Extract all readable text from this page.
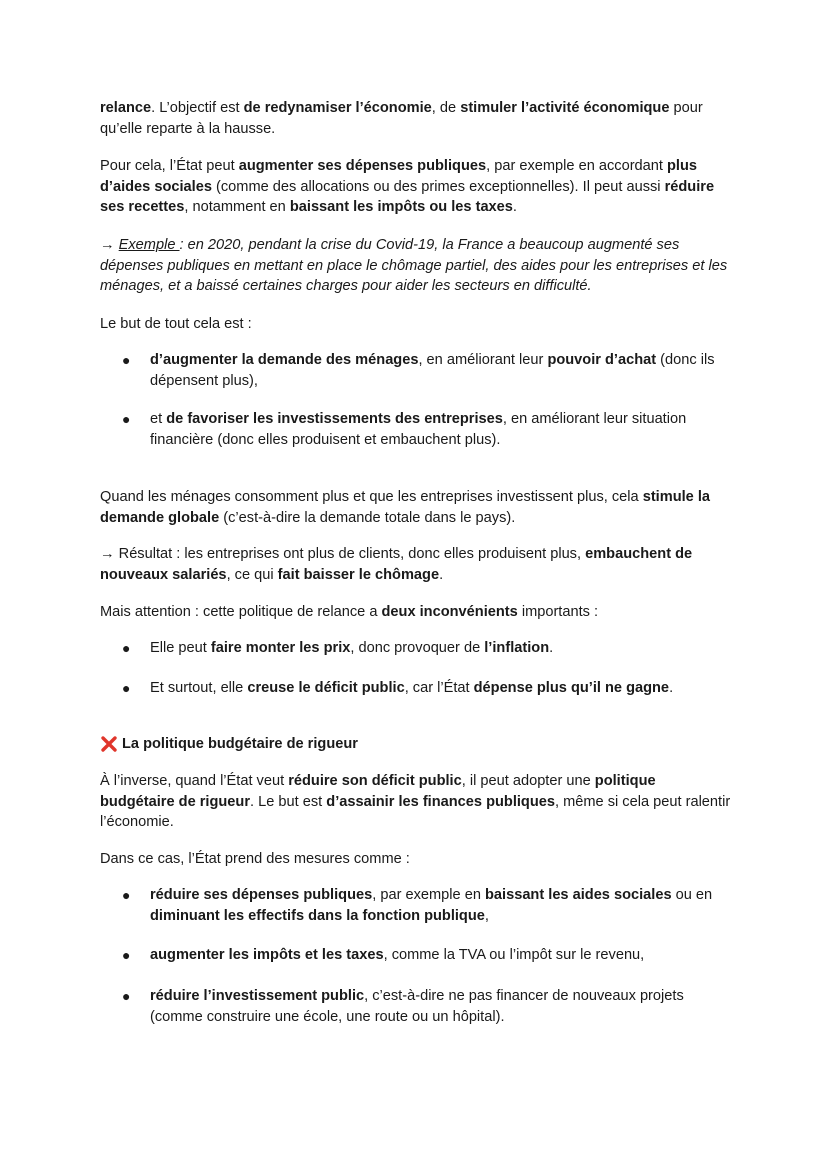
relance. L’objectif est de redynamiser l’économie, de stimuler l’activité économique pour qu’elle reparte à la hausse.

Pour cela, l’État peut augmenter ses dépenses publiques, par exemple en accordant plus d’aides sociales (comme des allocations ou des primes exceptionnelles). Il peut aussi réduire ses recettes, notamment en baissant les impôts ou les taxes.

→ Exemple : en 2020, pendant la crise du Covid-19, la France a beaucoup augmenté ses dépenses publiques en mettant en place le chômage partiel, des aides pour les entreprises et les ménages, et a baissé certaines charges pour aider les secteurs en difficulté.

Le but de tout cela est :

●	d’augmenter la demande des ménages, en améliorant leur pouvoir d’achat (donc ils dépensent plus),
●	et de favoriser les investissements des entreprises, en améliorant leur situation financière (donc elles produisent et embauchent plus).

Quand les ménages consomment plus et que les entreprises investissent plus, cela stimule la demande globale (c’est-à-dire la demande totale dans le pays).

→ Résultat : les entreprises ont plus de clients, donc elles produisent plus, embauchent de nouveaux salariés, ce qui fait baisser le chômage.

Mais attention : cette politique de relance a deux inconvénients importants :

●	Elle peut faire monter les prix, donc provoquer de l’inflation.
●	Et surtout, elle creuse le déficit public, car l’État dépense plus qu’il ne gagne.
La politique budgétaire de rigueur

À l’inverse, quand l’État veut réduire son déficit public, il peut adopter une politique budgétaire de rigueur. Le but est d’assainir les finances publiques, même si cela peut ralentir l’économie.

Dans ce cas, l’État prend des mesures comme :

●	réduire ses dépenses publiques, par exemple en baissant les aides sociales ou en diminuant les effectifs dans la fonction publique,
●	augmenter les impôts et les taxes, comme la TVA ou l’impôt sur le revenu,
●	réduire l’investissement public, c’est-à-dire ne pas financer de nouveaux projets (comme construire une école, une route ou un hôpital).
